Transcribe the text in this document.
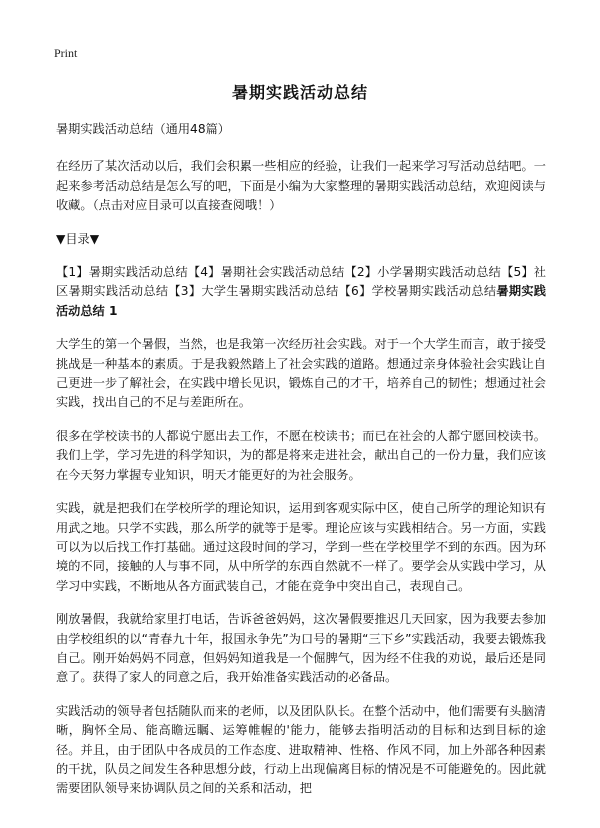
Print
暑期实践活动总结

暑期实践活动总结（通用48篇）

在经历了某次活动以后，我们会积累一些相应的经验，让我们一起来学习写活动总结吧。一起来参考活动总结是怎么写的吧，下面是小编为大家整理的暑期实践活动总结，欢迎阅读与收藏。（点击对应目录可以直接查阅哦！）

▼目录▼

【1】暑期实践活动总结【4】暑期社会实践活动总结【2】小学暑期实践活动总结【5】社区暑期实践活动总结【3】大学生暑期实践活动总结【6】学校暑期实践活动总结暑期实践活动总结 1

大学生的第一个暑假，当然，也是我第一次经历社会实践。对于一个大学生而言，敢于接受挑战是一种基本的素质。于是我毅然踏上了社会实践的道路。想通过亲身体验社会实践让自己更进一步了解社会，在实践中增长见识，锻炼自己的才干，培养自己的韧性；想通过社会实践，找出自己的不足与差距所在。

很多在学校读书的人都说宁愿出去工作，不愿在校读书；而已在社会的人都宁愿回校读书。我们上学，学习先进的科学知识，为的都是将来走进社会，献出自己的一份力量，我们应该在今天努力掌握专业知识，明天才能更好的为社会服务。

实践，就是把我们在学校所学的理论知识，运用到客观实际中区，使自己所学的理论知识有用武之地。只学不实践，那么所学的就等于是零。理论应该与实践相结合。另一方面，实践可以为以后找工作打基础。通过这段时间的学习，学到一些在学校里学不到的东西。因为环境的不同，接触的人与事不同，从中所学的东西自然就不一样了。要学会从实践中学习，从学习中实践，不断地从各方面武装自己，才能在竞争中突出自己，表现自己。

刚放暑假，我就给家里打电话，告诉爸爸妈妈，这次暑假要推迟几天回家，因为我要去参加由学校组织的以“青春九十年，报国永争先”为口号的暑期“三下乡”实践活动，我要去锻炼我自己。刚开始妈妈不同意，但妈妈知道我是一个倔脾气，因为经不住我的劝说，最后还是同意了。获得了家人的同意之后，我开始准备实践活动的必备品。

实践活动的领导者包括随队而来的老师，以及团队队长。在整个活动中，他们需要有头脑清晰，胸怀全局、能高瞻远瞩、运筹帷幄的'能力，能够去指明活动的目标和达到目标的途径。并且，由于团队中各成员的工作态度、进取精神、性格、作风不同，加上外部各种因素的干扰，队员之间发生各种思想分歧，行动上出现偏离目标的情况是不可能避免的。因此就需要团队领导来协调队员之间的关系和活动，把
